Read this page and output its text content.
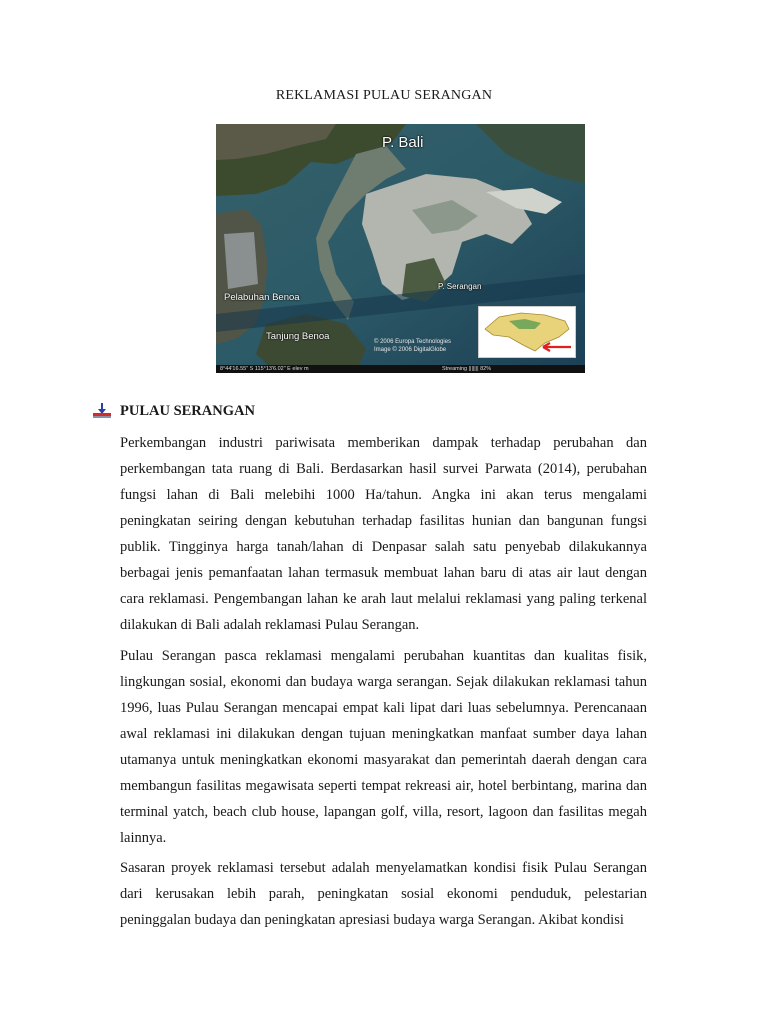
REKLAMASI PULAU SERANGAN
P. Bali
Pelabuhan Benoa
Tanjung Benoa
P. Serangan
© 2006 Europa Technologies
Image © 2006 DigitalGlobe
8°44'16.55" S 115°13'6.02" E elev m	Streaming ||||||| 82%
PULAU SERANGAN

Perkembangan industri pariwisata memberikan dampak terhadap perubahan dan perkembangan tata ruang di Bali. Berdasarkan hasil survei Parwata (2014), perubahan fungsi lahan di Bali melebihi 1000 Ha/tahun. Angka ini akan terus mengalami peningkatan seiring dengan kebutuhan terhadap fasilitas hunian dan bangunan fungsi publik. Tingginya harga tanah/lahan di Denpasar salah satu penyebab dilakukannya berbagai jenis pemanfaatan lahan termasuk membuat lahan baru di atas air laut dengan cara reklamasi. Pengembangan lahan ke arah laut melalui reklamasi yang paling terkenal dilakukan di Bali adalah reklamasi Pulau Serangan.

Pulau Serangan pasca reklamasi mengalami perubahan kuantitas dan kualitas fisik, lingkungan sosial, ekonomi dan budaya warga serangan. Sejak dilakukan reklamasi tahun 1996, luas Pulau Serangan mencapai empat kali lipat dari luas sebelumnya. Perencanaan awal reklamasi ini dilakukan dengan tujuan meningkatkan manfaat sumber daya lahan utamanya untuk meningkatkan ekonomi masyarakat dan pemerintah daerah dengan cara membangun fasilitas megawisata seperti tempat rekreasi air, hotel berbintang, marina dan terminal yatch, beach club house, lapangan golf, villa, resort, lagoon dan fasilitas megah lainnya.

Sasaran proyek reklamasi tersebut adalah menyelamatkan kondisi fisik Pulau Serangan dari kerusakan lebih parah, peningkatan sosial ekonomi penduduk, pelestarian peninggalan budaya dan peningkatan apresiasi budaya warga Serangan. Akibat kondisi
